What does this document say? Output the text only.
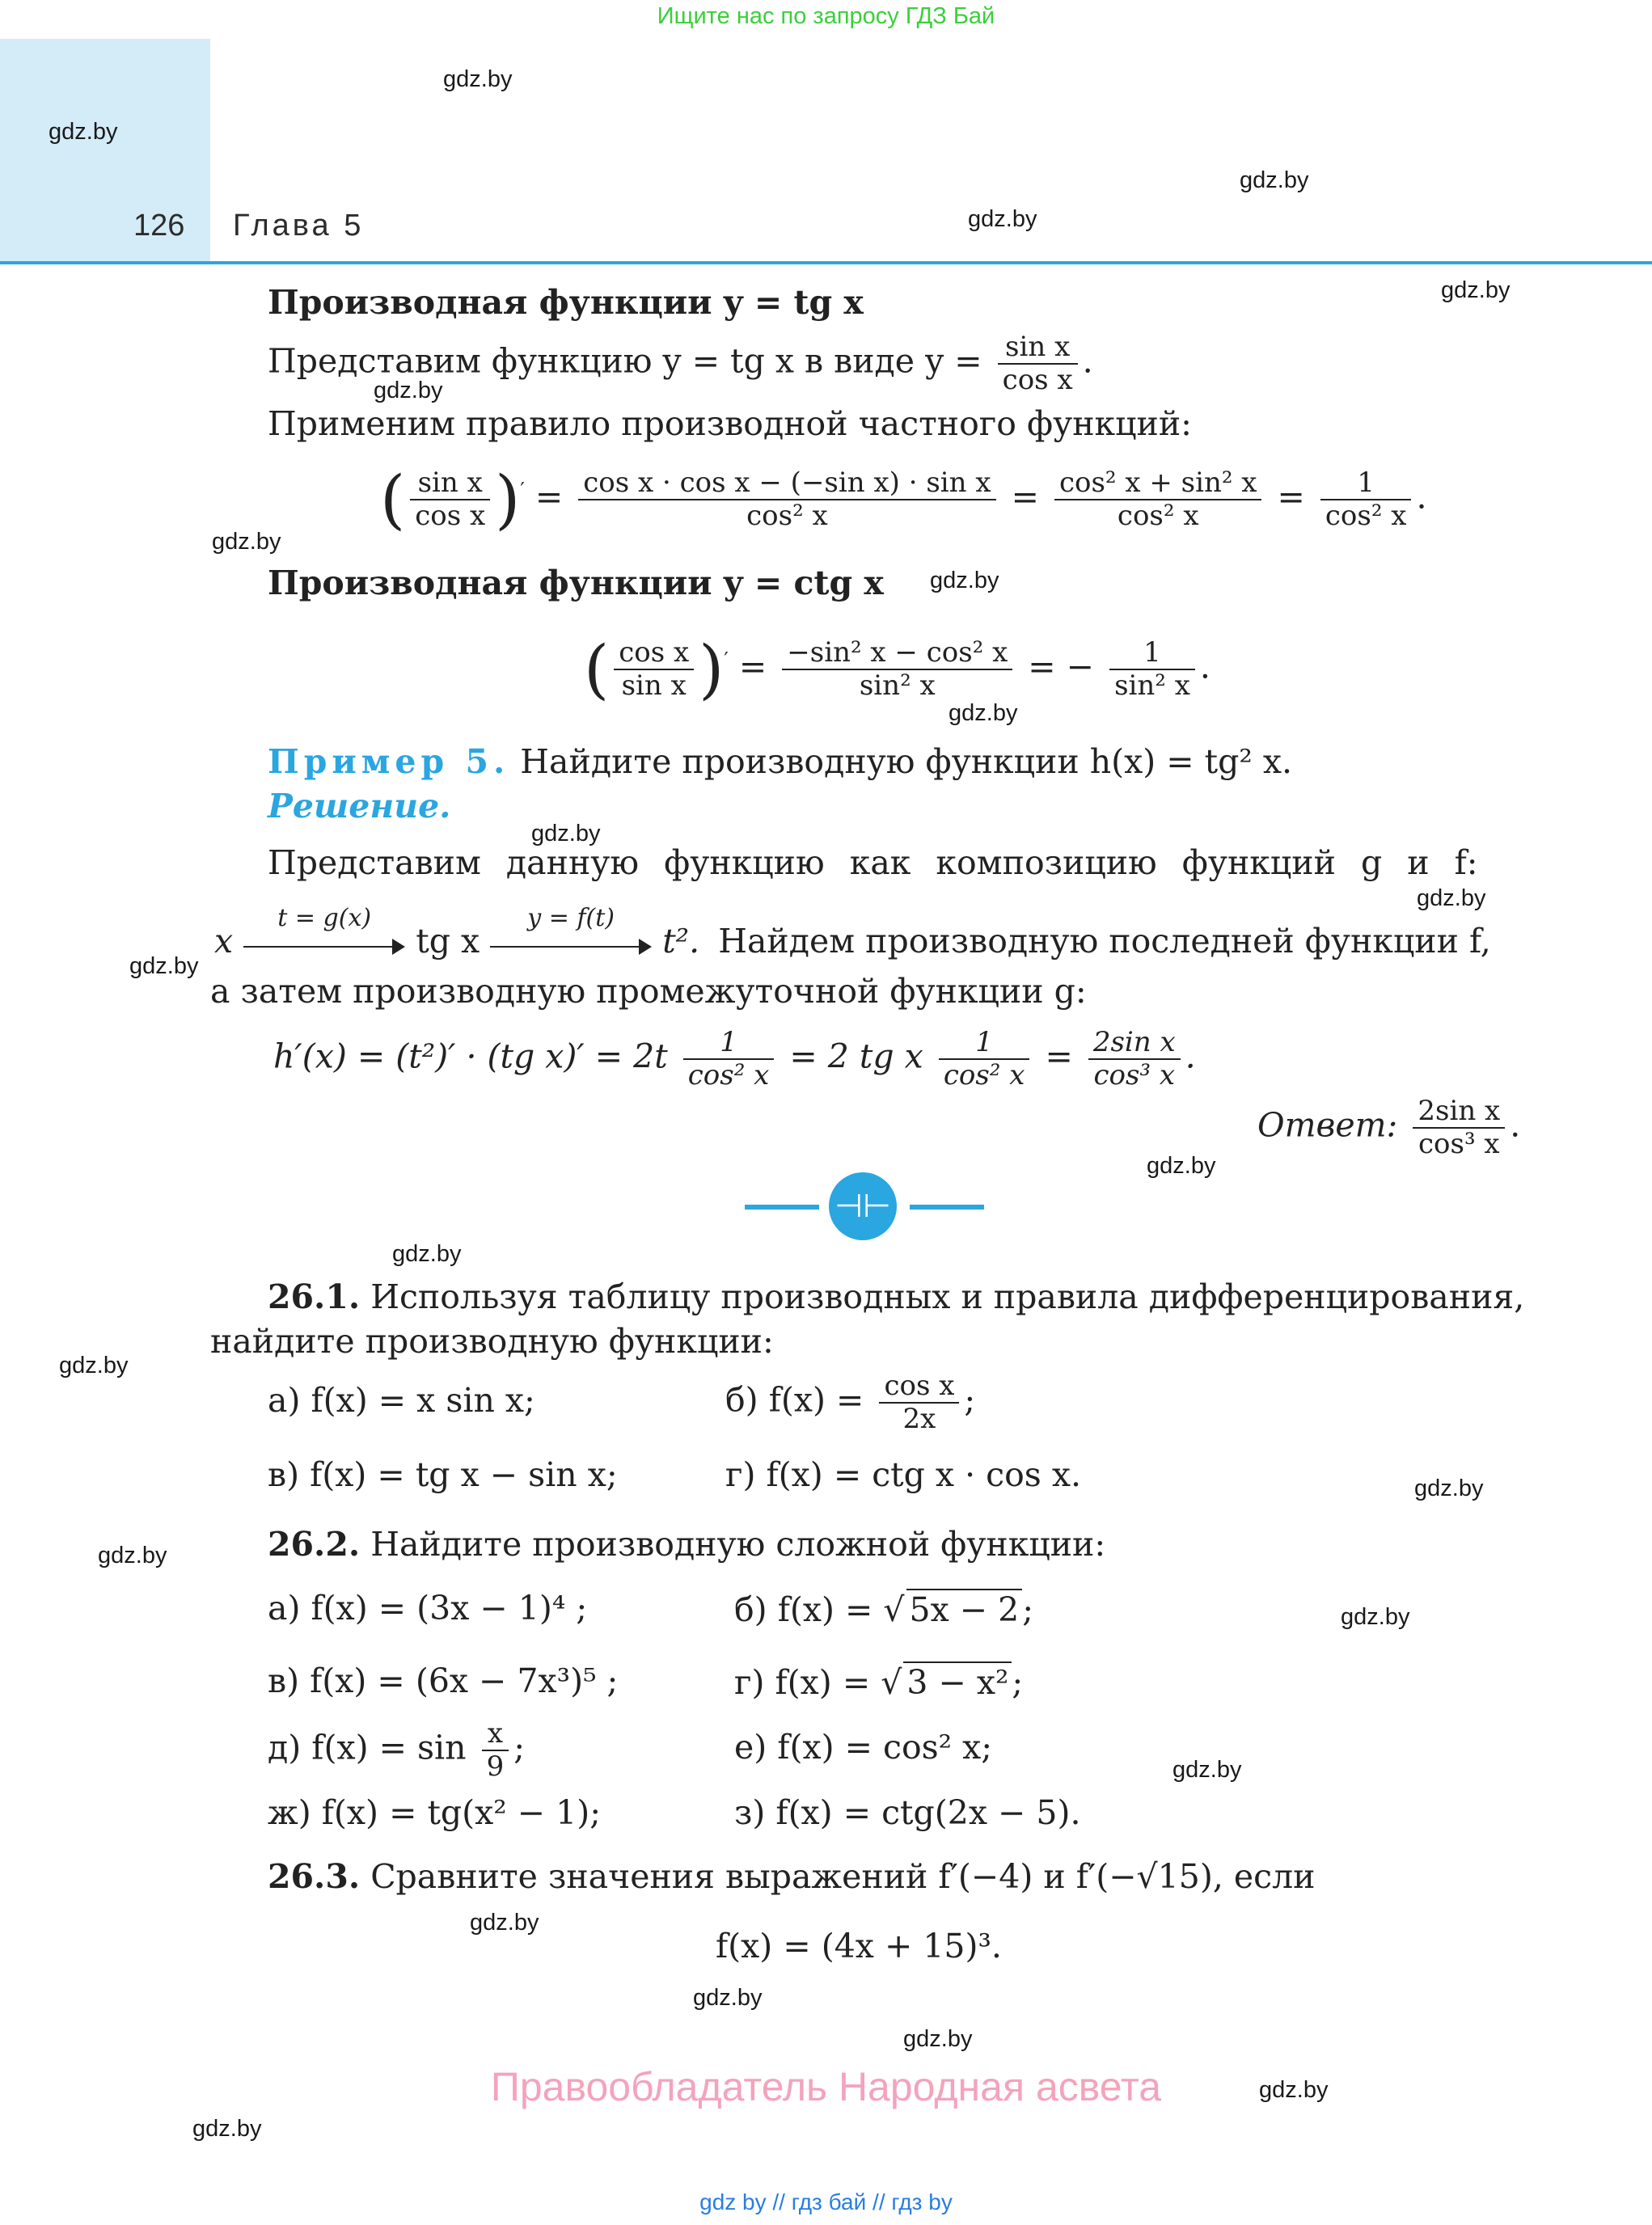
Ищите нас по запросу ГДЗ Бай
126 Глава 5
gdz.by
gdz.by
gdz.by
gdz.by
gdz.by
gdz.by
gdz.by
gdz.by
gdz.by
gdz.by
gdz.by
gdz.by
gdz.by
gdz.by
gdz.by
gdz.by
gdz.by
gdz.by
gdz.by
gdz.by
gdz.by
gdz.by
gdz.by
gdz.by
Производная функции y = tg x
Представим функцию y = tg x в виде $y = \frac{\text{sin x}}{\text{cos x}}$ .
Применим правило производной частного функций:
( $\frac{\text{sin x}}{\text{cos x}} )' = \frac{\text{cos x · cos x − (−sin x) · sin x}}{\text{cos² x}} = \frac{\text{cos² x + sin² x}}{\text{cos² x}} = \frac{1}{\text{cos² x}}$ .
Производная функции y = ctg x
( $\frac{\text{cos x}}{\text{sin x}} )' = \frac{\text{−sin² x − cos² x}}{\text{sin² x}}$ = − $\frac{1}{\text{sin² x}}$ .
Пример 5. Найдите производную функции h(x) = tg² x.
Решение.
Представим данную функцию как композицию функций g и f:
x
t = g(x)
tg x
y = f(t)
t². Найдем производную последней функции f,
а затем производную промежуточной функции g:
h′(x) = (t²)′ · (tg $x)' = 2t \frac{1}{\text{cos² x}} = 2$ tg x $\frac{1}{\text{cos² x}} = \frac{\text{2sin x}}{\text{cos³ x}}$ .
Ответ: $\frac{\text{2sin x}}{\text{cos³ x}}$ .
⊣⊢
26.1. Используя таблицу производных и правила дифференцирования,
найдите производную функции:
а) f(x) = x sin x;	б) $f(x) = \frac{\text{cos x}}{2x}$ ;
в) f(x) = tg x − sin x;	г) f(x) = ctg x · cos x.
26.2. Найдите производную сложной функции:
а) f(x) = (3x − 1)⁴ ;	б) f(x) = √ 5x − 2;
в) f(x) = (6x − 7x³)⁵ ;	г) f(x) = √ 3 − x²;
д) $f(x) = \sin \frac{x}{9}$ ;	е) f(x) = cos² x;
ж) f(x) = tg(x² − 1);	з) f(x) = ctg(2x − 5).
26.3. Сравните значения выражений f′(−4) и f′(−√15), если
f(x) = (4x + 15)³.
Правообладатель Народная асвета
gdz by // гдз бай // гдз by
